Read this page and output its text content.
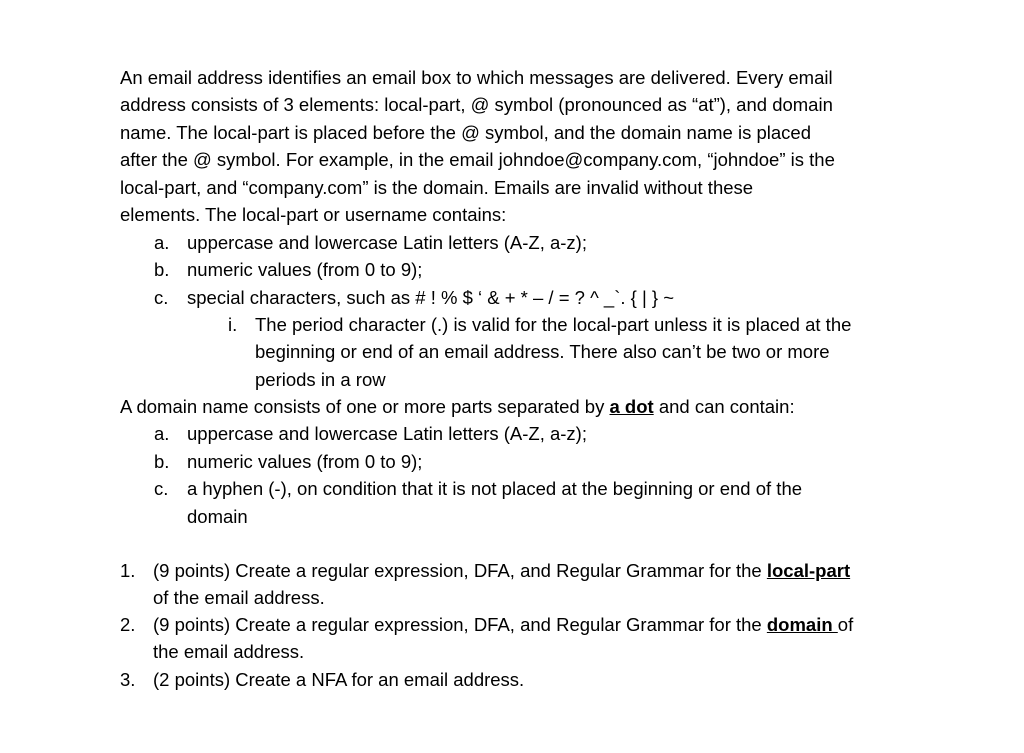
An email address identifies an email box to which messages are delivered. Every email
address consists of 3 elements: local-part, @ symbol (pronounced as “at”), and domain
name. The local-part is placed before the @ symbol, and the domain name is placed
after the @ symbol. For example, in the email johndoe@company.com, “johndoe” is the
local-part, and “company.com” is the domain. Emails are invalid without these
elements. The local-part or username contains:
a. uppercase and lowercase Latin letters (A-Z, a-z);
b. numeric values (from 0 to 9);
c. special characters, such as # ! % $ ‘ & + * – / = ? ^ _`. { | } ~
i. The period character (.) is valid for the local-part unless it is placed at the
beginning or end of an email address. There also can’t be two or more
periods in a row
A domain name consists of one or more parts separated by a dot and can contain:
a. uppercase and lowercase Latin letters (A-Z, a-z);
b. numeric values (from 0 to 9);
c. a hyphen (-), on condition that it is not placed at the beginning or end of the
domain
1. (9 points) Create a regular expression, DFA, and Regular Grammar for the local-part
of the email address.
2. (9 points) Create a regular expression, DFA, and Regular Grammar for the domain of
the email address.
3. (2 points) Create a NFA for an email address.
